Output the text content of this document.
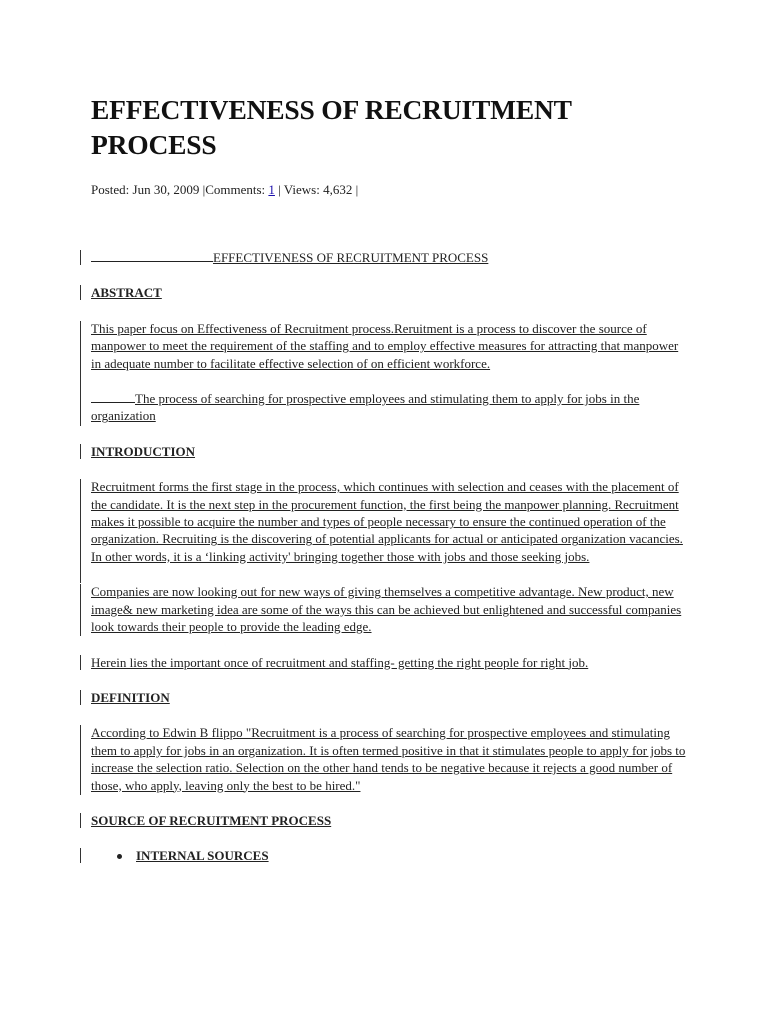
EFFECTIVENESS OF RECRUITMENT PROCESS
Posted: Jun 30, 2009 |Comments: 1 | Views: 4,632 |
EFFECTIVENESS OF RECRUITMENT PROCESS
ABSTRACT
This paper focus on Effectiveness of Recruitment process.Reruitment is a process to discover the source of manpower to meet the requirement of the staffing and to employ effective measures for attracting that manpower in adequate number to facilitate effective selection of on efficient workforce.
The process of searching for prospective employees and stimulating them to apply for jobs in the organization
INTRODUCTION
Recruitment forms the first stage in the process, which continues with selection and ceases with the placement of the candidate. It is the next step in the procurement function, the first being the manpower planning. Recruitment makes it possible to acquire the number and types of people necessary to ensure the continued operation of the organization. Recruiting is the discovering of potential applicants for actual or anticipated organization vacancies. In other words, it is a ‘linking activity' bringing together those with jobs and those seeking jobs.
Companies are now looking out for new ways of giving themselves a competitive advantage. New product, new image& new marketing idea are some of the ways this can be achieved but enlightened and successful companies look towards their people to provide the leading edge.
Herein lies the important once of recruitment and staffing- getting the right people for right job.
DEFINITION
According to Edwin B flippo "Recruitment is a process of searching for prospective employees and stimulating them to apply for jobs in an organization. It is often termed positive in that it stimulates people to apply for jobs to increase the selection ratio. Selection on the other hand tends to be negative because it rejects a good number of those, who apply, leaving only the best to be hired."
SOURCE OF RECRUITMENT PROCESS
INTERNAL SOURCES
